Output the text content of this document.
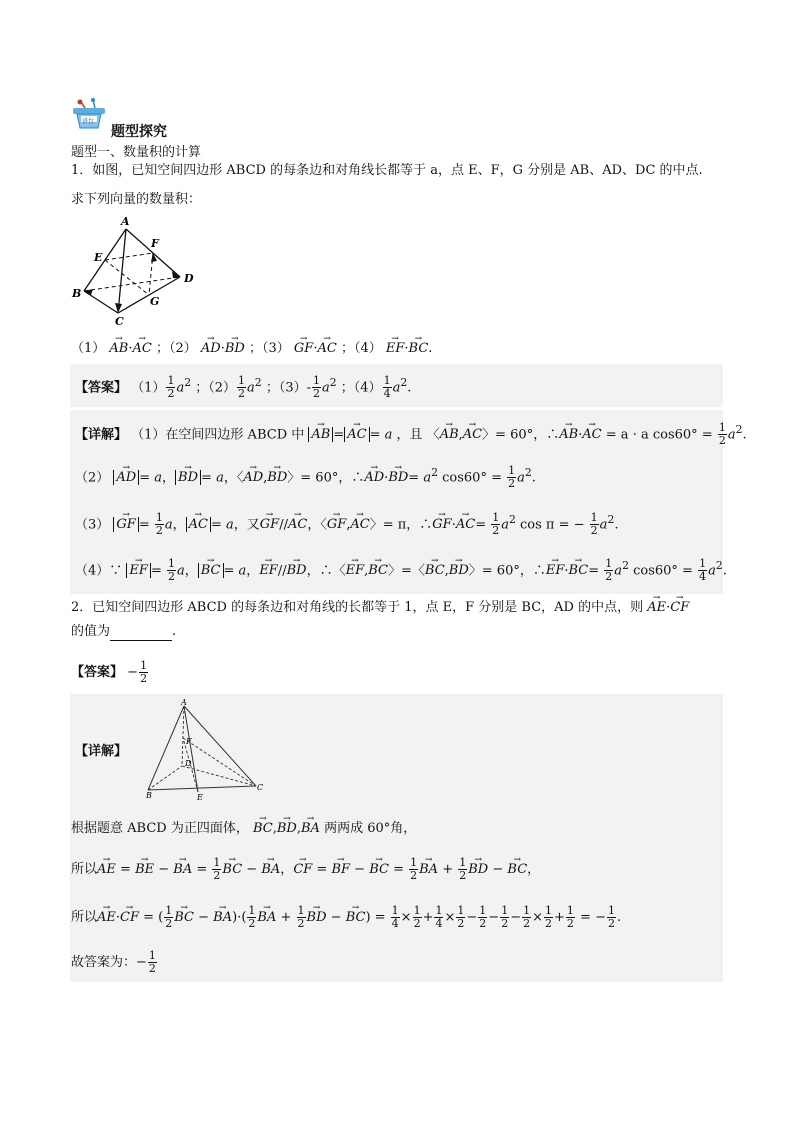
讲台
题型探究
题型一、数量积的计算
1．如图，已知空间四边形 ABCD 的每条边和对角线长都等于 a，点 E、F，G 分别是 AB、AD、DC 的中点.
求下列向量的数量积：
A
F
E
D
B
G
C
（1） → AB·→ AC ；（2） → AD·→ BD ；（3） → GF·→ AC ；（4） → EF·→ BC.
【答案】 $(1) \frac{1}{2} a^2$ ；$(2) \frac{1}{2} a^2$ ；$(3)- \frac{1}{2} a^2$ ；$(4) \frac{1}{4} a^2$.
【详解】 （1）在空间四边形 ABCD 中 → AB = → AC = a ，且 〈→ AB,→ AC〉= 60°，∴→ AB·→ AC = a · a $\cos 60^\circ = \frac{1}{2} a^2$.
（2） → AD = a， → BD = a，〈→ AD,→ BD〉= 60°，∴→ $AD\cdot\to BD= a^2$ $\cos 60^\circ = \frac{1}{2} a^2$.
（3） → GF = $\frac{1}{2}$ a， → AC = a，又→ GF//→ AC，〈→ GF,→ AC〉= π，∴→ $GF\cdot\to AC= \frac{1}{2} a^2$ cos π = − $\frac{1}{2} a^2$.
（4）∵ → EF = $\frac{1}{2}$ a， → BC = a，→ EF//→ BD，∴〈→ EF,→ BC〉=〈→ BC,→ BD〉= 60°，∴→ $EF\cdot\to BC= \frac{1}{2} a^2$ $\cos 60^\circ = \frac{1}{4} a^2$.
2．已知空间四边形 ABCD 的每条边和对角线的长都等于 1，点 E，F 分别是 BC，AD 的中点，则 → AE·→ CF
的值为	.
【答案】 − $\frac{1}{2}$
【详解】
A
F
D
B	E
C
根据题意 ABCD 为正四面体， → BC,→ BD,→ BA 两两成 60°角，
所以→ AE = → BE − → BA = $\frac{1}{2}$ → BC − → BA，→ CF = → BF − → BC = $\frac{1}{2}$ → BA + $\frac{1}{2}$ → BD − → BC，
所以→ AE·→ CF = ( $\frac{1}{2}$ → BC − → $BA)\cdot( \frac{1}{2}$ → BA + $\frac{1}{2}$ → BD − → $BC) = \frac{1}{4} \times \frac{1}{2} + \frac{1}{4} \times \frac{1}{2} - \frac{1}{2} - \frac{1}{2} - \frac{1}{2} \times \frac{1}{2} + \frac{1}{2}$ = − $\frac{1}{2}$ .
故答案为：− $\frac{1}{2}$
